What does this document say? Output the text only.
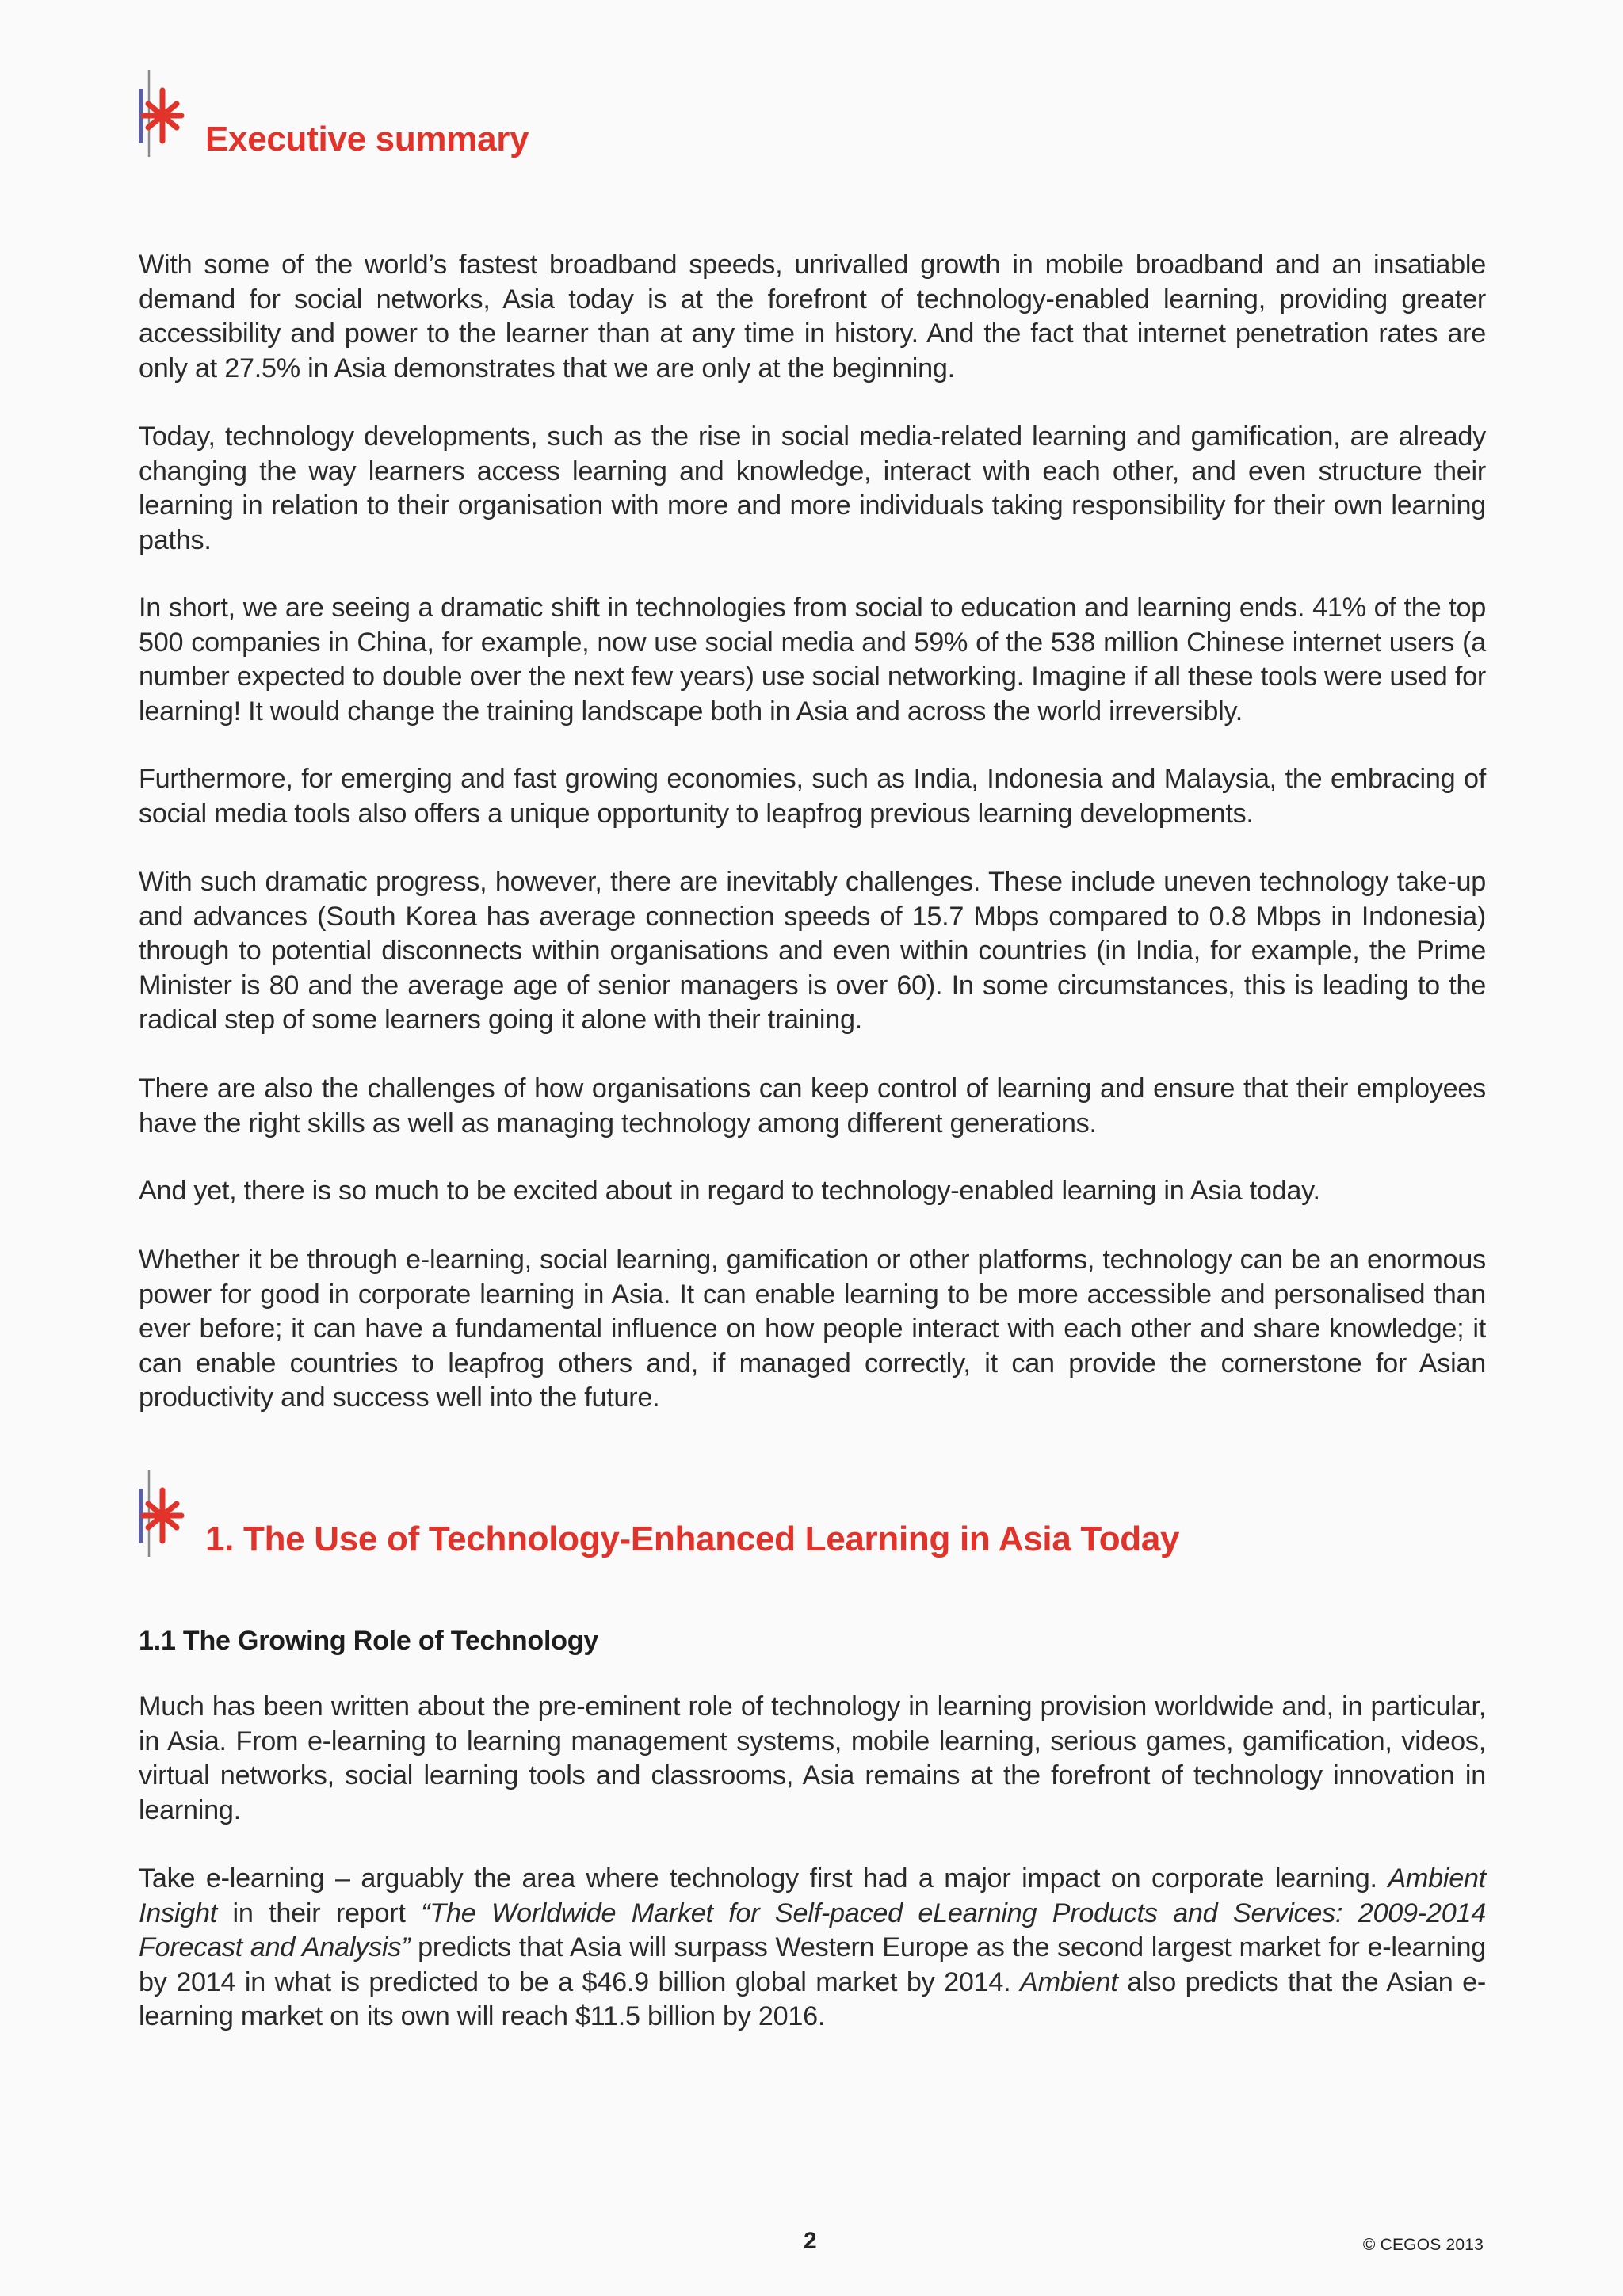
Executive summary

With some of the world’s fastest broadband speeds, unrivalled growth in mobile broadband and an insatiable demand for social networks, Asia today is at the forefront of technology-enabled learning, providing greater accessibility and power to the learner than at any time in history. And the fact that internet penetration rates are only at 27.5% in Asia demonstrates that we are only at the beginning.

Today, technology developments, such as the rise in social media-related learning and gamification, are already changing the way learners access learning and knowledge, interact with each other, and even structure their learning in relation to their organisation with more and more individuals taking responsibility for their own learning paths.

In short, we are seeing a dramatic shift in technologies from social to education and learning ends. 41% of the top 500 companies in China, for example, now use social media and 59% of the 538 million Chinese internet users (a number expected to double over the next few years) use social networking. Imagine if all these tools were used for learning! It would change the training landscape both in Asia and across the world irreversibly.

Furthermore, for emerging and fast growing economies, such as India, Indonesia and Malaysia, the embracing of social media tools also offers a unique opportunity to leapfrog previous learning developments.

With such dramatic progress, however, there are inevitably challenges. These include uneven technology take-up and advances (South Korea has average connection speeds of 15.7 Mbps compared to 0.8 Mbps in Indonesia) through to potential disconnects within organisations and even within countries (in India, for example, the Prime Minister is 80 and the average age of senior managers is over 60). In some circumstances, this is leading to the radical step of some learners going it alone with their training.

There are also the challenges of how organisations can keep control of learning and ensure that their employees have the right skills as well as managing technology among different generations.

And yet, there is so much to be excited about in regard to technology-enabled learning in Asia today.

Whether it be through e-learning, social learning, gamification or other platforms, technology can be an enormous power for good in corporate learning in Asia. It can enable learning to be more accessible and personalised than ever before; it can have a fundamental influence on how people interact with each other and share knowledge; it can enable countries to leapfrog others and, if managed correctly, it can provide the cornerstone for Asian productivity and success well into the future.

1. The Use of Technology-Enhanced Learning in Asia Today
1.1 The Growing Role of Technology

Much has been written about the pre-eminent role of technology in learning provision worldwide and, in particular, in Asia. From e-learning to learning management systems, mobile learning, serious games, gamification, videos, virtual networks, social learning tools and classrooms, Asia remains at the forefront of technology innovation in learning.

Take e-learning – arguably the area where technology first had a major impact on corporate learning. Ambient Insight in their report “The Worldwide Market for Self-paced eLearning Products and Services: 2009-2014 Forecast and Analysis” predicts that Asia will surpass Western Europe as the second largest market for e-learning by 2014 in what is predicted to be a $46.9 billion global market by 2014. Ambient also predicts that the Asian e-learning market on its own will reach $11.5 billion by 2016.

2	© CEGOS 2013
